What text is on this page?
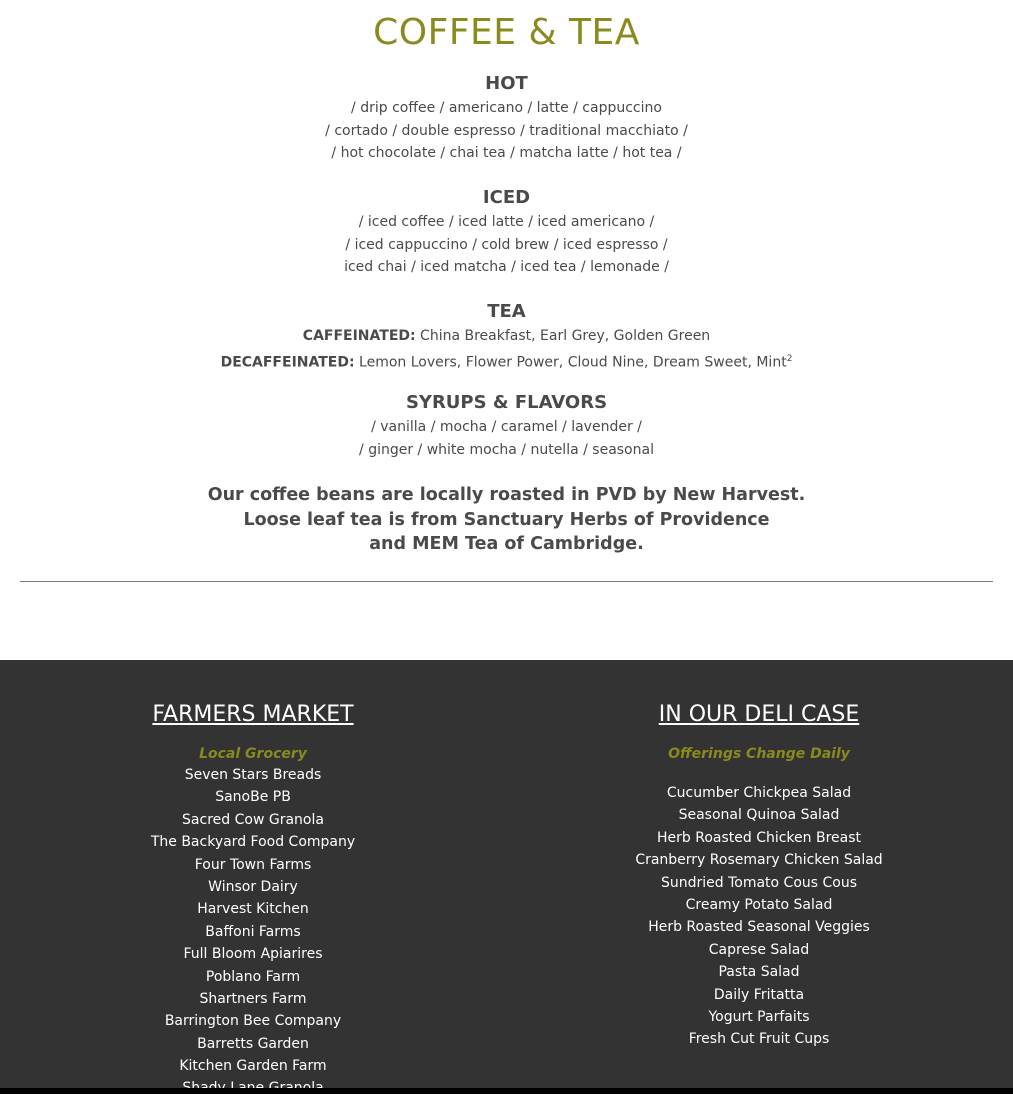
COFFEE & TEA
HOT
/ drip coffee / americano / latte / cappuccino
/ cortado / double espresso / traditional macchiato /
/ hot chocolate / chai tea / matcha latte / hot tea /
ICED
/ iced coffee / iced latte / iced americano /
/ iced cappuccino / cold brew / iced espresso /
iced chai / iced matcha / iced tea / lemonade /
TEA
CAFFEINATED: China Breakfast, Earl Grey, Golden Green
DECAFFEINATED: Lemon Lovers, Flower Power, Cloud Nine, Dream Sweet, Mint$^2$
SYRUPS & FLAVORS
/ vanilla / mocha / caramel / lavender /
/ ginger / white mocha / nutella / seasonal
Our coffee beans are locally roasted in PVD by New Harvest.
Loose leaf tea is from Sanctuary Herbs of Providence
and MEM Tea of Cambridge.
FARMERS MARKET
Local Grocery
Seven Stars Breads
SanoBe PB
Sacred Cow Granola
The Backyard Food Company
Four Town Farms
Winsor Dairy
Harvest Kitchen
Baffoni Farms
Full Bloom Apiarires
Poblano Farm
Shartners Farm
Barrington Bee Company
Barretts Garden
Kitchen Garden Farm
IN OUR DELI CASE
Offerings Change Daily
Cucumber Chickpea Salad
Seasonal Quinoa Salad
Herb Roasted Chicken Breast
Cranberry Rosemary Chicken Salad
Sundried Tomato Cous Cous
Creamy Potato Salad
Herb Roasted Seasonal Veggies
Caprese Salad
Pasta Salad
Daily Fritatta
Yogurt Parfaits
Fresh Cut Fruit Cups
